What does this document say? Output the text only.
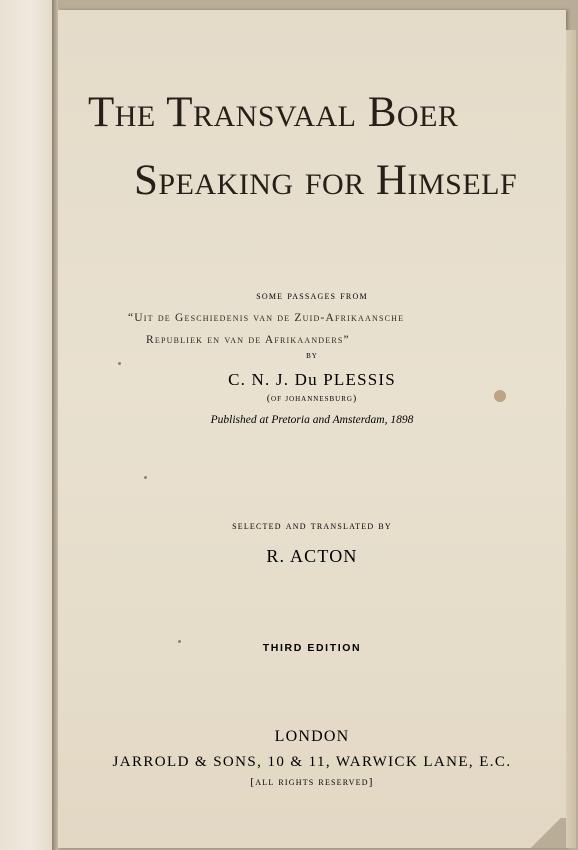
The Transvaal Boer
Speaking for Himself
some passages from
“Uit de Geschiedenis van de Zuid-Afrikaansche
Republiek en van de Afrikaanders”
by
C. N. J. Du PLESSIS
(of johannesburg)
Published at Pretoria and Amsterdam, 1898
selected and translated by
R. ACTON
THIRD EDITION
LONDON
JARROLD & SONS, 10 & 11, WARWICK LANE, E.C.
[all rights reserved]
